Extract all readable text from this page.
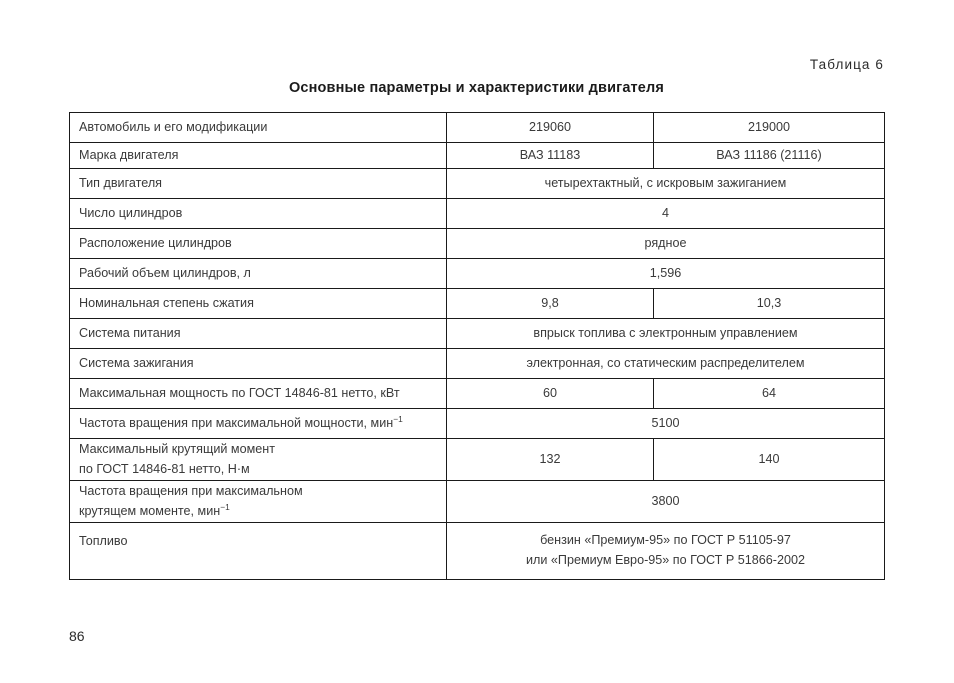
Таблица 6
Основные параметры и характеристики двигателя
Автомобиль и его модификации	219060	219000
Марка двигателя	ВАЗ 11183	ВАЗ 11186 (21116)
Тип двигателя	четырехтактный, с искровым зажиганием	
Число цилиндров	4	
Расположение цилиндров	рядное	
Рабочий объем цилиндров, л	1,596	
Номинальная степень сжатия	9,8	10,3
Система питания	впрыск топлива с электронным управлением	
Система зажигания	электронная, со статическим распределителем	
Максимальная мощность по ГОСТ 14846-81 нетто, кВт	60	64
Частота вращения при максимальной мощности, мин$^{-1}$	5100	

Максимальный крутящий момент
по ГОСТ 14846-81 нетто, Н·м	132	140

Частота вращения при максимальном
крутящем моменте, мин$^{-1}$	3800	
Топливо	бензин «Премиум-95» по ГОСТ Р 51105-97
или «Премиум Евро-95» по ГОСТ Р 51866-2002	
86
